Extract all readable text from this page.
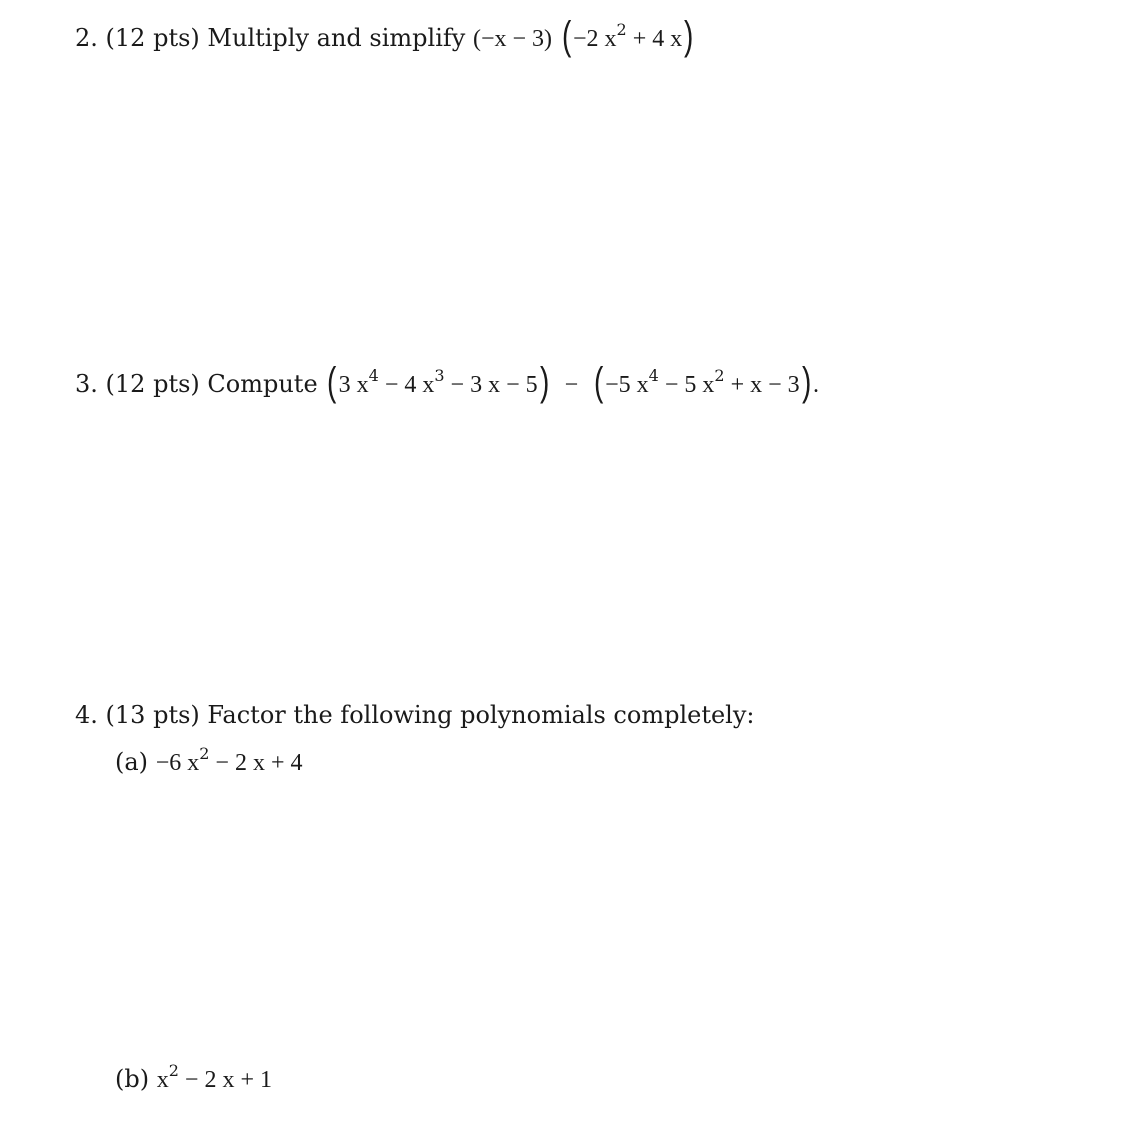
2. (12 pts) Multiply and simplify (−x − 3) (−2 $x^2 + 4$ x)
3. (12 pts) Compute (3 $x^4 - 4$ $x^3 - 3$ x − 5) − (−5 $x^4 - 5$ $x^2 + x - 3$).
4. (13 pts) Factor the following polynomials completely:
(a) −6 $x^2 - 2$ x + 4
(b) $x^2 - 2$ x + 1
